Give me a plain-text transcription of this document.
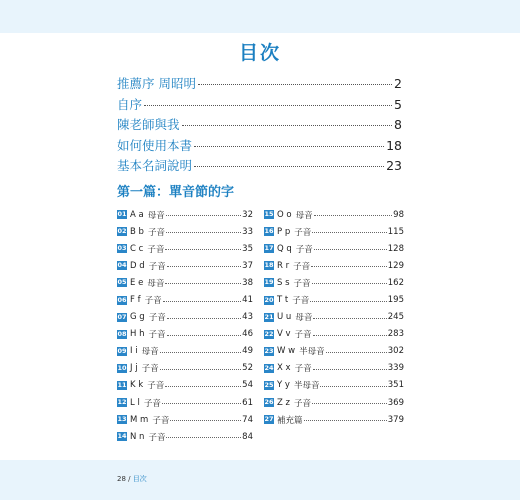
目次
推薦序 周昭明	2
自序	5
陳老師與我	8
如何使用本書	18
基本名詞說明	23
第一篇：單音節的字
01 A a 母音	32
02 B b 子音	33
03 C c 子音	35
04 D d 子音	37
05 E e 母音	38
06 F f 子音	41
07 G g 子音	43
08 H h 子音	46
09 I i 母音	49
10 J j 子音	52
11 K k 子音	54
12 L l 子音	61
13 M m 子音	74
14 N n 子音	84
15 O o 母音	98
16 P p 子音	115
17 Q q 子音	128
18 R r 子音	129
19 S s 子音	162
20 T t 子音	195
21 U u 母音	245
22 V v 子音	283
23 W w 半母音	302
24 X x 子音	339
25 Y y 半母音	351
26 Z z 子音	369
27 補充篇	379
28 / 目次
